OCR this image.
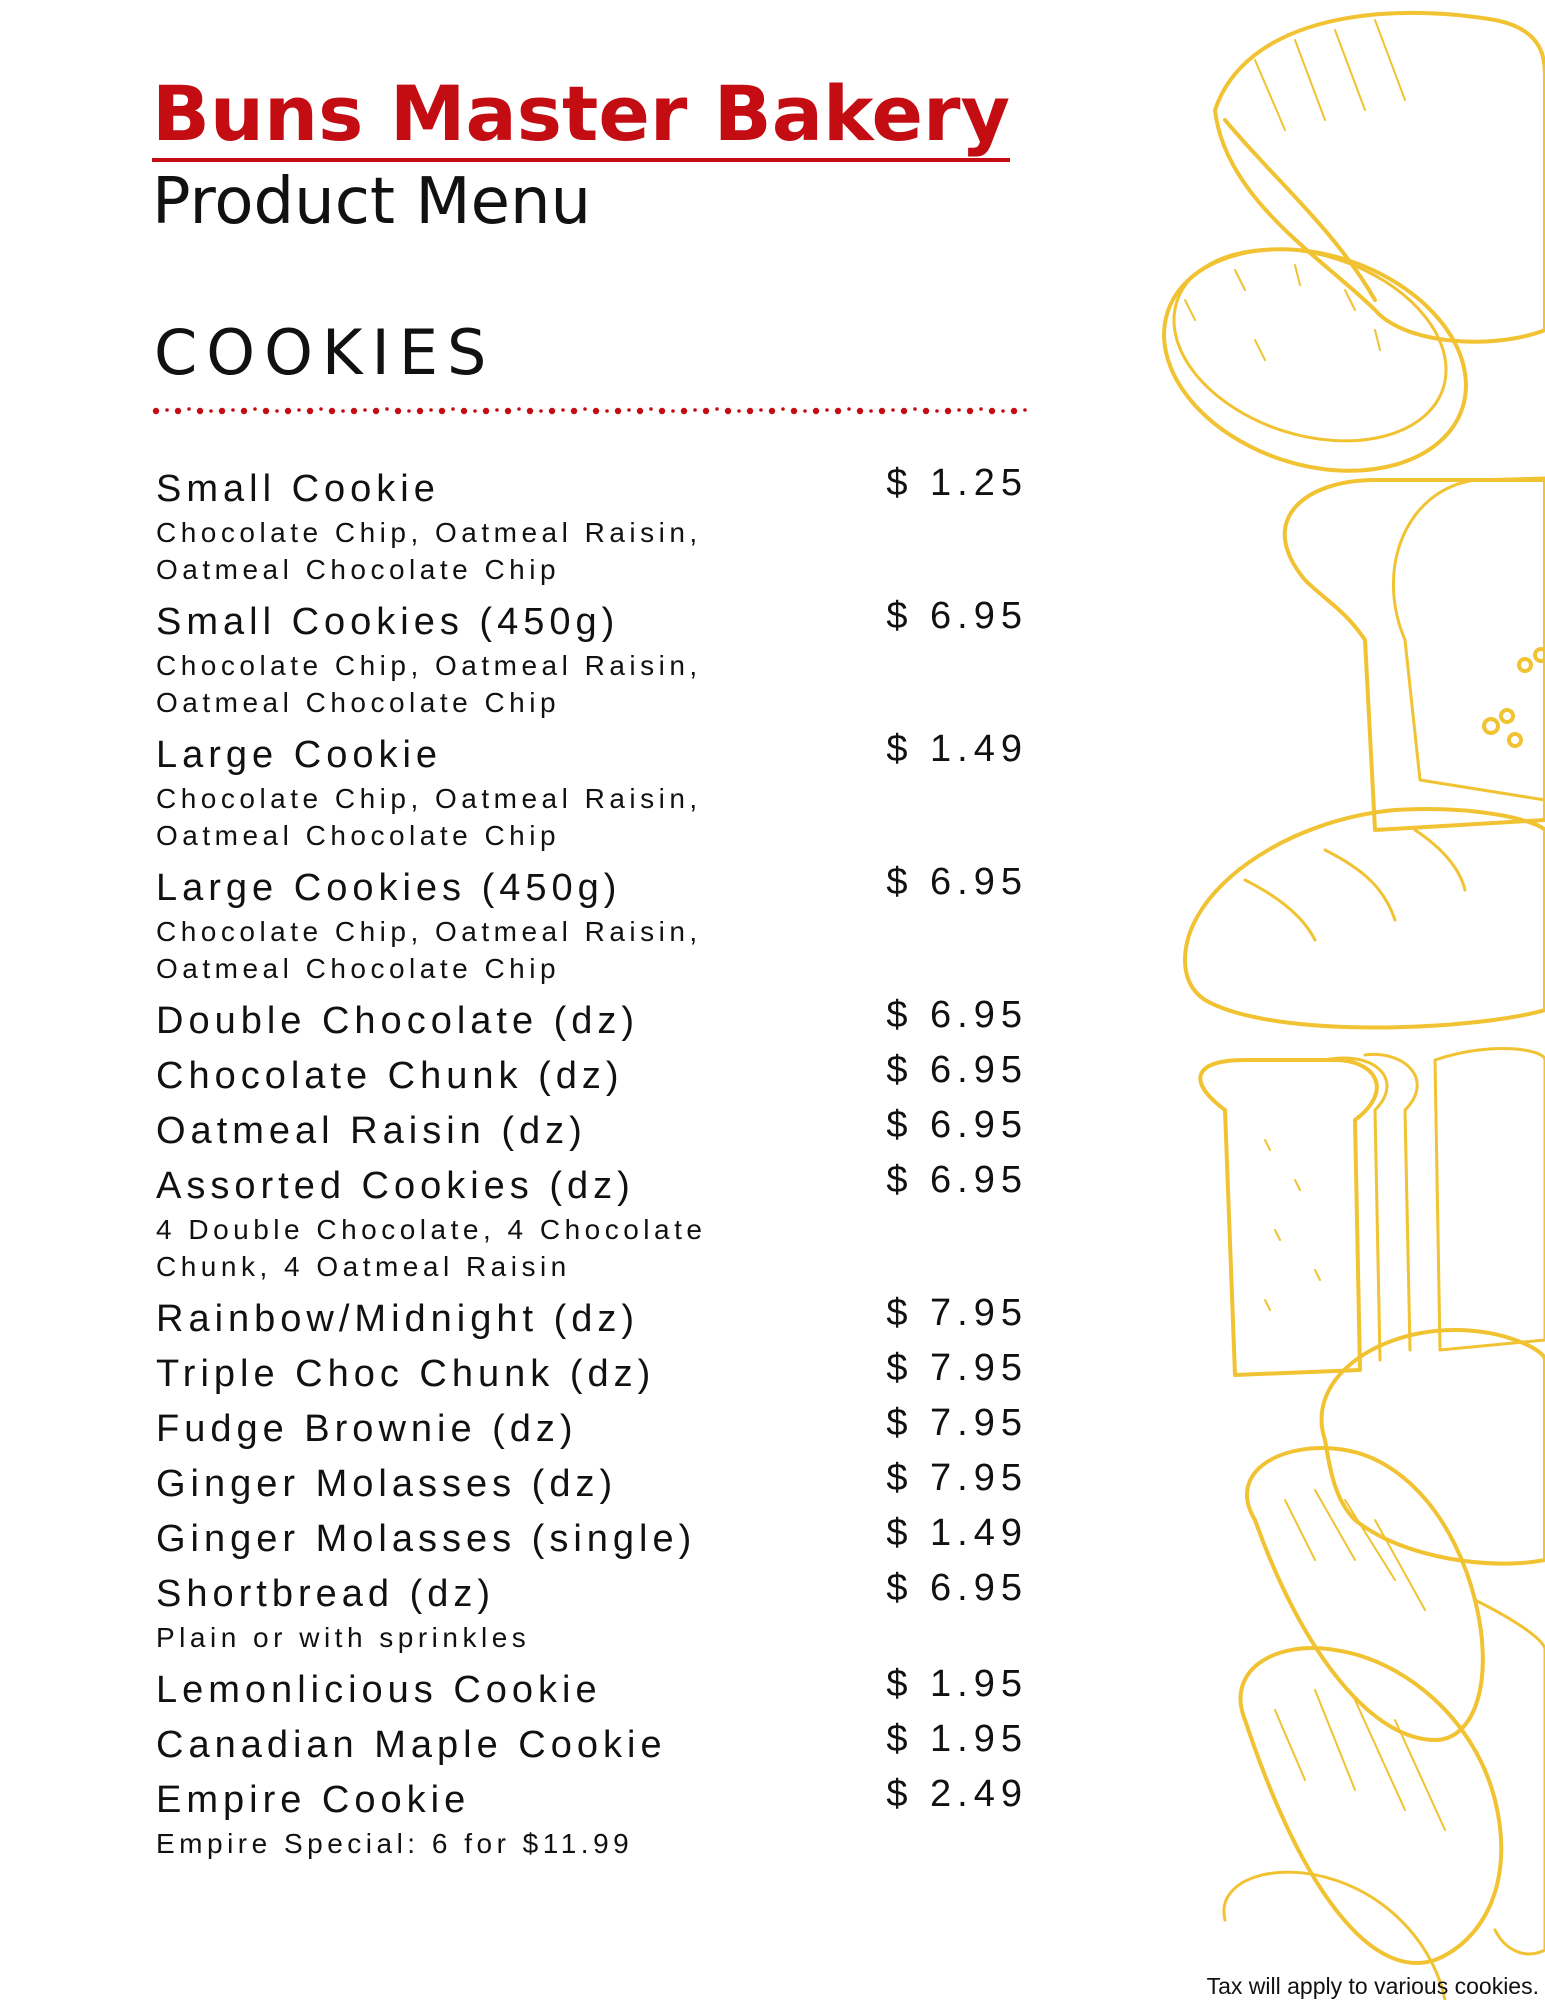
Buns Master Bakery
Product Menu
COOKIES
Small Cookie	$ 1.25
Chocolate Chip, Oatmeal Raisin,
Oatmeal Chocolate Chip
Small Cookies (450g)	$ 6.95
Chocolate Chip, Oatmeal Raisin,
Oatmeal Chocolate Chip
Large Cookie	$ 1.49
Chocolate Chip, Oatmeal Raisin,
Oatmeal Chocolate Chip
Large Cookies (450g)	$ 6.95
Chocolate Chip, Oatmeal Raisin,
Oatmeal Chocolate Chip
Double Chocolate (dz)	$ 6.95
Chocolate Chunk (dz)	$ 6.95
Oatmeal Raisin (dz)	$ 6.95
Assorted Cookies (dz)	$ 6.95
4 Double Chocolate, 4 Chocolate
Chunk, 4 Oatmeal Raisin
Rainbow/Midnight (dz)	$ 7.95
Triple Choc Chunk (dz)	$ 7.95
Fudge Brownie (dz)	$ 7.95
Ginger Molasses (dz)	$ 7.95
Ginger Molasses (single)	$ 1.49
Shortbread (dz)	$ 6.95
Plain or with sprinkles
Lemonlicious Cookie	$ 1.95
Canadian Maple Cookie	$ 1.95
Empire Cookie	$ 2.49
Empire Special: 6 for $11.99
Tax will apply to various cookies.
